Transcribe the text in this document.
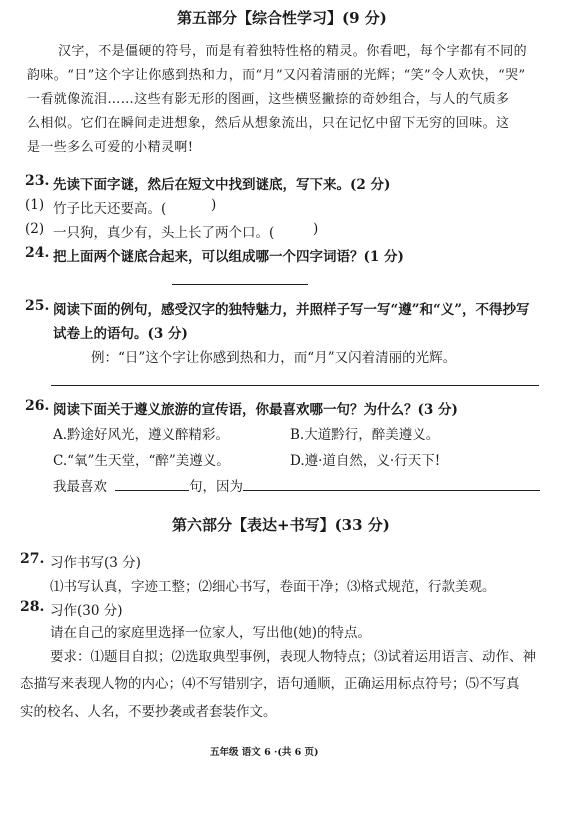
第五部分【综合性学习】(9 分)
汉字，不是僵硬的符号，而是有着独特性格的精灵。你看吧，每个字都有不同的
韵味。“日”这个字让你感到热和力，而“月”又闪着清丽的光辉；“笑”令人欢快，“哭”
一看就像流泪……这些有影无形的图画，这些横竖撇捺的奇妙组合，与人的气质多
么相似。它们在瞬间走进想象，然后从想象流出，只在记忆中留下无穷的回味。这
是一些多么可爱的小精灵啊!
23. 先读下面字谜，然后在短文中找到谜底，写下来。(2 分)
(1) 竹子比天还要高。(	)
(2) 一只狗，真少有，头上长了两个口。(	)
24. 把上面两个谜底合起来，可以组成哪一个四字词语？(1 分)
25. 阅读下面的例句，感受汉字的独特魅力，并照样子写一写“遵”和“义”，不得抄写
试卷上的语句。(3 分)
例：“日”这个字让你感到热和力，而“月”又闪着清丽的光辉。
26. 阅读下面关于遵义旅游的宣传语，你最喜欢哪一句？为什么？(3 分)
A.黔途好风光，遵义醉精彩。	B.大道黔行，醉美遵义。
C.“氧”生天堂，“醉”美遵义。	D.遵·道自然，义·行天下!
我最喜欢	句，因为
第六部分【表达+书写】(33 分)
27. 习作书写(3 分)
⑴书写认真，字迹工整；⑵细心书写，卷面干净；⑶格式规范，行款美观。
28. 习作(30 分)
请在自己的家庭里选择一位家人，写出他(她)的特点。
要求：⑴题目自拟；⑵选取典型事例，表现人物特点；⑶试着运用语言、动作、神
态描写来表现人物的内心；⑷不写错别字，语句通顺，正确运用标点符号；⑸不写真
实的校名、人名，不要抄袭或者套装作文。
五年级 语文 6 ·(共 6 页)
